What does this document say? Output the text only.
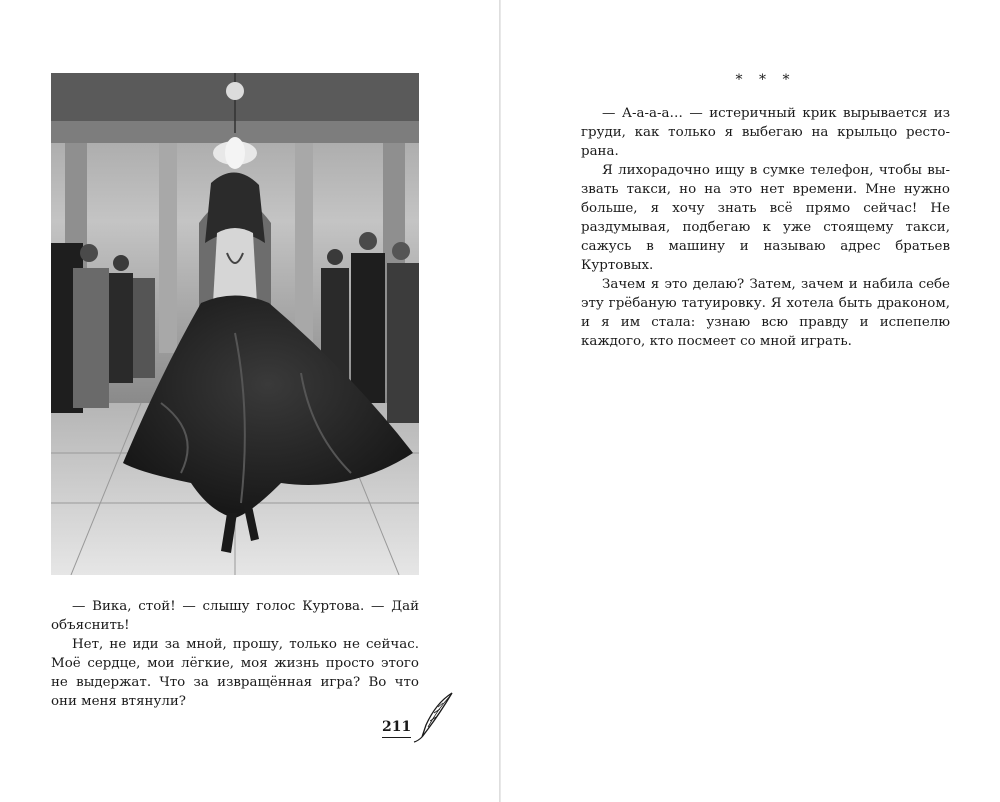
— Вика, стой! — слышу голос Куртова. — Дай объяснить!

Нет, не иди за мной, прошу, только не сейчас. Моё сердце, мои лёгкие, моя жизнь просто этого не выдержат. Что за извращённая игра? Во что они меня втянули?

211
* * *

— А-а-а-а… — истеричный крик вырывается из груди, как только я выбегаю на крыльцо ресторана.

Я лихорадочно ищу в сумке телефон, чтобы вызвать такси, но на это нет времени. Мне нужно больше, я хочу знать всё прямо сейчас! Не раздумывая, подбегаю к уже стоящему такси, сажусь в машину и называю адрес братьев Куртовых.

Зачем я это делаю? Затем, зачем и набила себе эту грёбаную татуировку. Я хотела быть драконом, и я им стала: узнаю всю правду и испепелю каждого, кто посмеет со мной играть.
